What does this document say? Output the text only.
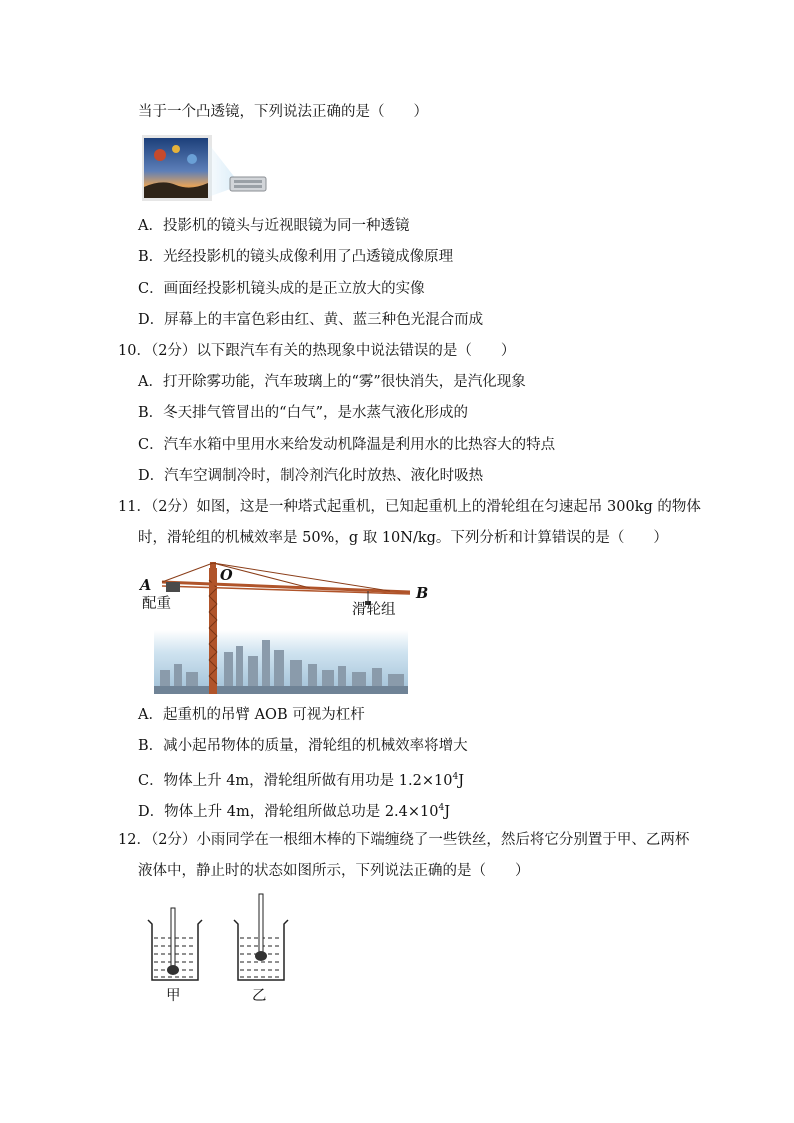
当于一个凸透镜，下列说法正确的是（　　）
A．投影机的镜头与近视眼镜为同一种透镜
B．光经投影机的镜头成像利用了凸透镜成像原理
C．画面经投影机镜头成的是正立放大的实像
D．屏幕上的丰富色彩由红、黄、蓝三种色光混合而成
10．（2分）以下跟汽车有关的热现象中说法错误的是（　　）
A．打开除雾功能，汽车玻璃上的“雾”很快消失，是汽化现象
B．冬天排气管冒出的“白气”，是水蒸气液化形成的
C．汽车水箱中里用水来给发动机降温是利用水的比热容大的特点
D．汽车空调制冷时，制冷剂汽化时放热、液化时吸热
11．（2分）如图，这是一种塔式起重机，已知起重机上的滑轮组在匀速起吊 300kg 的物体
时，滑轮组的机械效率是 50%，g 取 10N/kg。下列分析和计算错误的是（　　）
A
O
B
配重	滑轮组
A．起重机的吊臂 AOB 可视为杠杆
B．减小起吊物体的质量，滑轮组的机械效率将增大
C．物体上升 4m，滑轮组所做有用功是 $1.2\times 10^4J$
D．物体上升 4m，滑轮组所做总功是 $2.4\times 10^4J$
12．（2分）小雨同学在一根细木棒的下端缠绕了一些铁丝，然后将它分别置于甲、乙两杯
液体中，静止时的状态如图所示，下列说法正确的是（　　）
甲	乙
